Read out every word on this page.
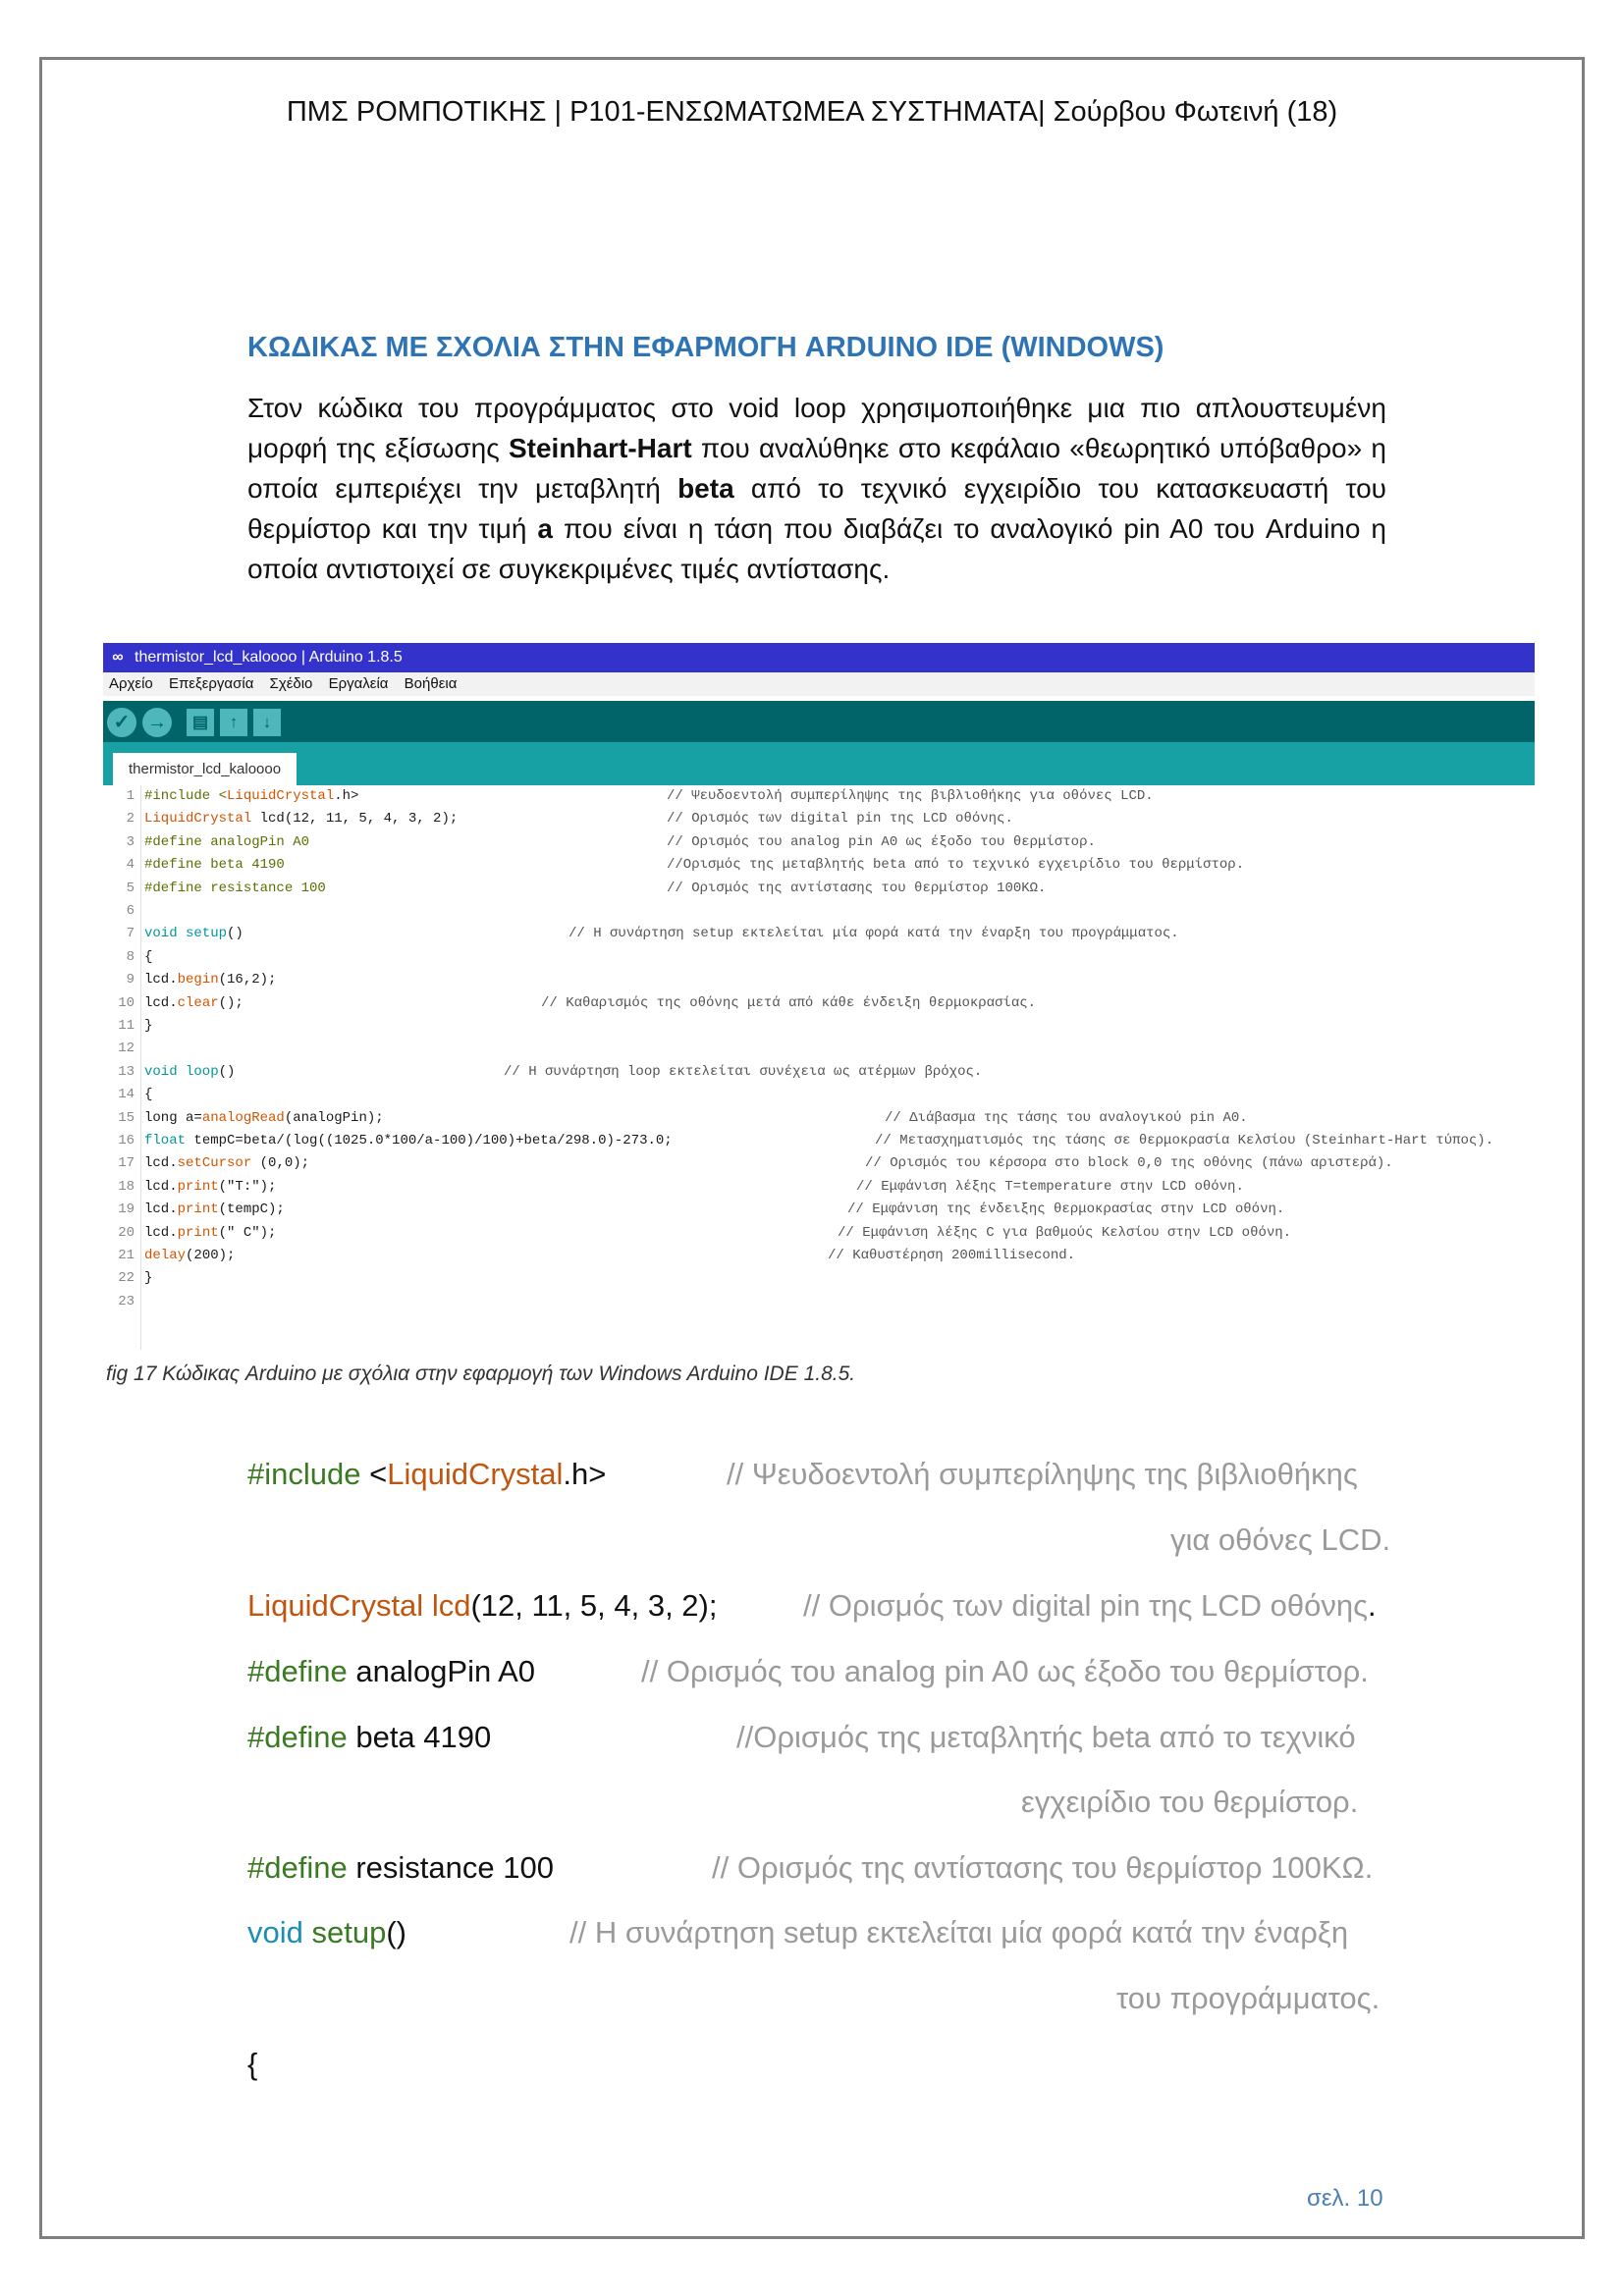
ΠΜΣ ΡΟΜΠΟΤΙΚΗΣ | P101-ΕΝΣΩΜΑΤΩΜΕΑ ΣΥΣΤΗΜΑΤΑ| Σούρβου Φωτεινή (18)
ΚΩΔΙΚΑΣ ΜΕ ΣΧΟΛΙΑ ΣΤΗΝ ΕΦΑΡΜΟΓΗ ARDUINO IDE (WINDOWS)
Στον κώδικα του προγράμματος στο void loop χρησιμοποιήθηκε μια πιο απλουστευμένη μορφή της εξίσωσης Steinhart-Hart που αναλύθηκε στο κεφάλαιο «θεωρητικό υπόβαθρο» η οποία εμπεριέχει την μεταβλητή beta από το τεχνικό εγχειρίδιο του κατασκευαστή του θερμίστορ και την τιμή a που είναι η τάση που διαβάζει το αναλογικό pin A0 του Arduino η οποία αντιστοιχεί σε συγκεκριμένες τιμές αντίστασης.
∞ thermistor_lcd_kaloooo | Arduino 1.8.5
Αρχείο Επεξεργασία Σχέδιο Εργαλεία Βοήθεια
✓ →	▤	↑	↓
thermistor_lcd_kaloooo
1 #include <LiquidCrystal.h>	// Ψευδοεντολή συμπερίληψης της βιβλιοθήκης για οθόνες LCD.
2 LiquidCrystal lcd(12, 11, 5, 4, 3, 2);	// Ορισμός των digital pin της LCD οθόνης.
3 #define analogPin A0	// Ορισμός του analog pin A0 ως έξοδο του θερμίστορ.
4 #define beta 4190	//Ορισμός της μεταβλητής beta από το τεχνικό εγχειρίδιο του θερμίστορ.
5 #define resistance 100	// Ορισμός της αντίστασης του θερμίστορ 100ΚΩ.
6
7 void setup()	// Η συνάρτηση setup εκτελείται μία φορά κατά την έναρξη του προγράμματος.
8 {
9 lcd.begin(16,2);
10 lcd.clear();	// Καθαρισμός της οθόνης μετά από κάθε ένδειξη θερμοκρασίας.
11 }
12
13 void loop()	// Η συνάρτηση loop εκτελείται συνέχεια ως ατέρμων βρόχος.
14 {
15 long a=analogRead(analogPin);	// Διάβασμα της τάσης του αναλογικού pin A0.
16 float tempC=beta/(log((1025.0*100/a-100)/100)+beta/298.0)-273.0;	// Μετασχηματισμός της τάσης σε θερμοκρασία Κελσίου (Steinhart-Hart τύπος).
17 lcd.setCursor (0,0);	// Ορισμός του κέρσορα στο block 0,0 της οθόνης (πάνω αριστερά).
18 lcd.print("T:");	// Εμφάνιση λέξης T=temperature στην LCD οθόνη.
19 lcd.print(tempC);	// Εμφάνιση της ένδειξης θερμοκρασίας στην LCD οθόνη.
20 lcd.print(" C");	// Εμφάνιση λέξης C για βαθμούς Κελσίου στην LCD οθόνη.
21 delay(200);	// Καθυστέρηση 200millisecond.
22 }
23
fig 17 Κώδικας Arduino με σχόλια στην εφαρμογή των Windows Arduino IDE 1.8.5.
#include <LiquidCrystal.h>	// Ψευδοεντολή συμπερίληψης της βιβλιοθήκης
για οθόνες LCD.
LiquidCrystal lcd(12, 11, 5, 4, 3, 2);	// Ορισμός των digital pin της LCD οθόνης.
#define analogPin A0	// Ορισμός του analog pin A0 ως έξοδο του θερμίστορ.
#define beta 4190	//Ορισμός της μεταβλητής beta από το τεχνικό
εγχειρίδιο του θερμίστορ.
#define resistance 100	// Ορισμός της αντίστασης του θερμίστορ 100ΚΩ.
void setup()	// Η συνάρτηση setup εκτελείται μία φορά κατά την έναρξη
του προγράμματος.
{
σελ. 10
